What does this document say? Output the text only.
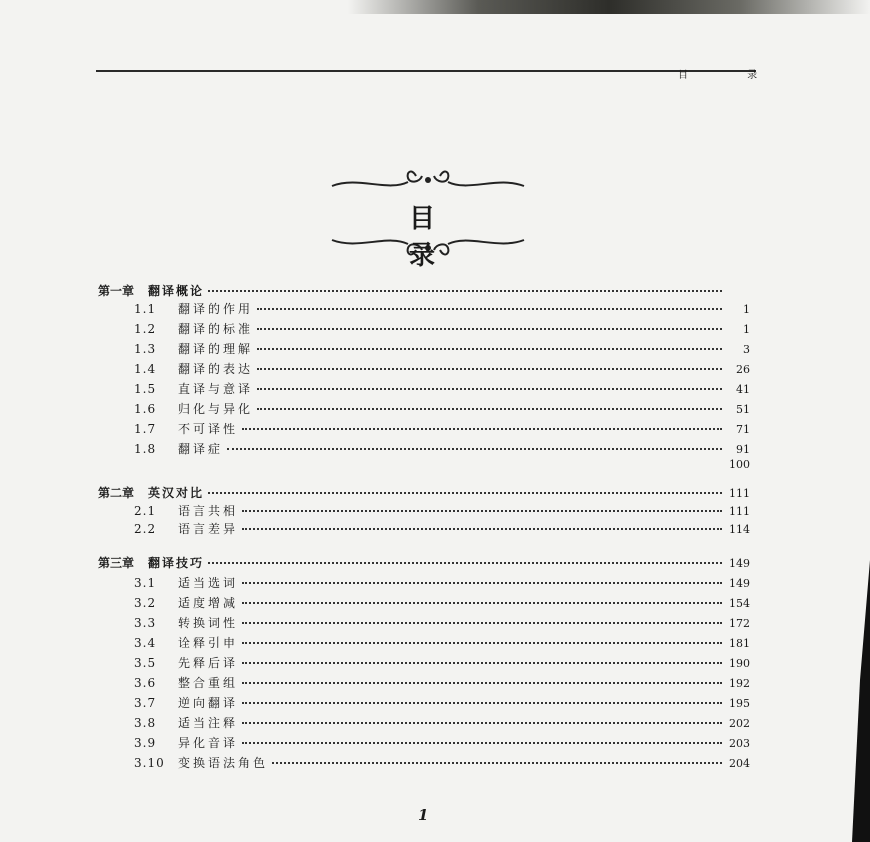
目 录
目 录
第一章 翻译概论
1.1	翻译的作用	1
1.2	翻译的标准	1
1.3	翻译的理解	3
1.4	翻译的表达	26
1.5	直译与意译	41
1.6	归化与异化	51
1.7	不可译性	71
1.8	翻译症	91
100
第二章 英汉对比	111
2.1	语言共相	111
2.2	语言差异	114
第三章 翻译技巧	149
3.1	适当选词	149
3.2	适度增减	154
3.3	转换词性	172
3.4	诠释引申	181
3.5	先释后译	190
3.6	整合重组	192
3.7	逆向翻译	195
3.8	适当注释	202
3.9	异化音译	203
3.10	变换语法角色	204
1
